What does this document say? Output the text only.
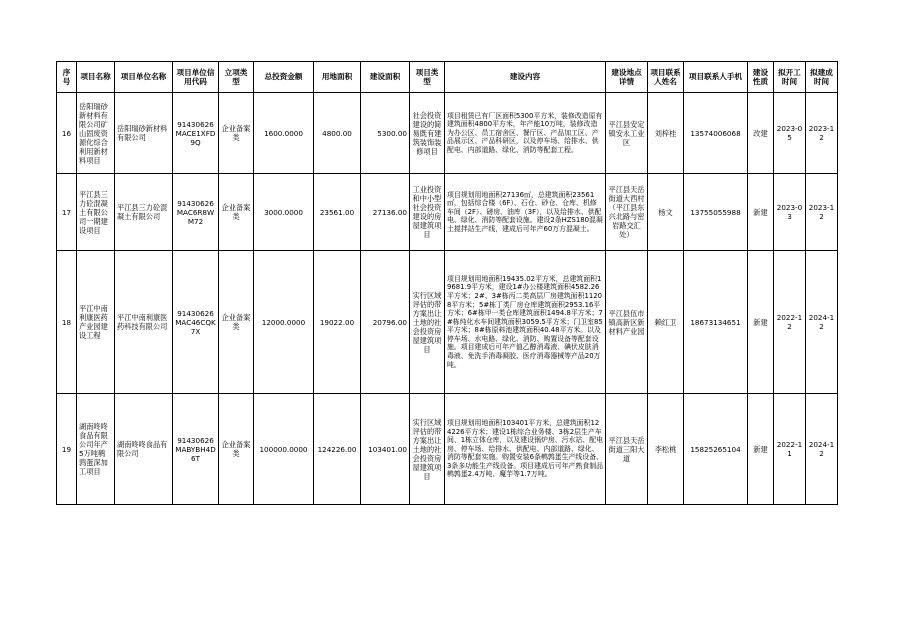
序号	项目名称	项目单位名称	项目单位信用代码	立项类型	总投资金额	用地面积	建设面积	项目类型	建设内容	建设地点详情	项目联系人姓名	项目联系人手机	建设性质	拟开工时间	拟建成时间
16	岳阳瑞砂新材料有限公司矿山固废资源化综合利用新材料项目	岳阳瑞砂新材料有限公司	91430626MACE1XFD9Q	企业备案类	1600.0000	4800.00	5300.00	社会投资建设的简易既有建筑装饰装修项目	项目租赁已有厂区面积5300平方米，装修改造原有建筑面积4800平方米，年产能10万吨，装修改造为办公区、员工宿舍区、餐厅区、产品加工区、产品展示区、产品科研区，以及停车场、给排水、供配电、内部道路、绿化、消防等配套工程。	平江县安定镇安永工业区	刘梓桂	13574006068	改建	2023-05	2023-12
17	平江县三力砼混凝土有限公司一期建设项目	平江县三力砼混凝土有限公司	91430626MAC6R8WM72	企业备案类	3000.0000	23561.00	27136.00	工业投资和中小型社会投资建设的房屋建筑项目	项目规划用地面积27136㎡，总建筑面积23561㎡，包括综合楼（6F）、石仓、砂仓、仓库、机修车间（2F）、磅房、油库（3F），以及给排水、供配电、绿化、消防等配套设施。建设2条HZS180混凝土搅拌站生产线，建成后可年产60万方混凝土。	平江县天岳街道大西村（平江县东兴北路与密岩路交汇处）	杨文	13755055988	新建	2023-03	2023-12
18	平江中南利康医药产业园建设工程	平江中南利康医药科技有限公司	91430626MAC46CQK7X	企业备案类	12000.0000	19022.00	20796.00	实行区域评估的带方案出让土地的社会投资房屋建筑项目	项目规划用地面积19435.02平方米，总建筑面积19681.9平方米，建设1#办公楼建筑面积4582.26平方米；2#、3#栋丙二类高层厂房建筑面积11208平方米；5#栋丁类厂房仓库建筑面积2953.16平方米；6#栋甲一类仓库建筑面积1494.8平方米；7#栋纯化水车间建筑面积3059.5平方米；门卫室85平方米；8#栋原料池建筑面积40.48平方米。以及停车场、水电路、绿化、消防、购置设备等配套设施。项目建成后可年产值乙醇消毒液、碘伏皮肤消毒液、免洗手消毒凝胶、医疗消毒器械等产品20万吨。	平江县伍市镇高新区新材料产业园	赖红卫	18673134651	新建	2022-12	2024-12
19	湖南咚咚食品有限公司年产5万吨鹌鹑蛋深加工项目	湖南咚咚食品有限公司	91430626MABYBH4D6T	企业备案类	100000.0000	124226.00	103401.00	实行区域评估的带方案出让土地的社会投资房屋建筑项目	项目规划用地面积103401平方米，总建筑面积124226平方米；建设1栋综合业务楼、3栋2层生产车间、1栋立体仓库，以及建设锅炉房、污水站、配电房、停车场、给排水、供配电、内部道路、绿化、消防等配套实施。购置安装6条鹌鹑蛋生产线设备、3条多功能生产线设备。项目建成后可年产熟食制品鹌鹑蛋2.4万吨、魔芋等1.7万吨。	平江县天岳街道三阳大道	李松桃	15825265104	新建	2022-11	2024-12
